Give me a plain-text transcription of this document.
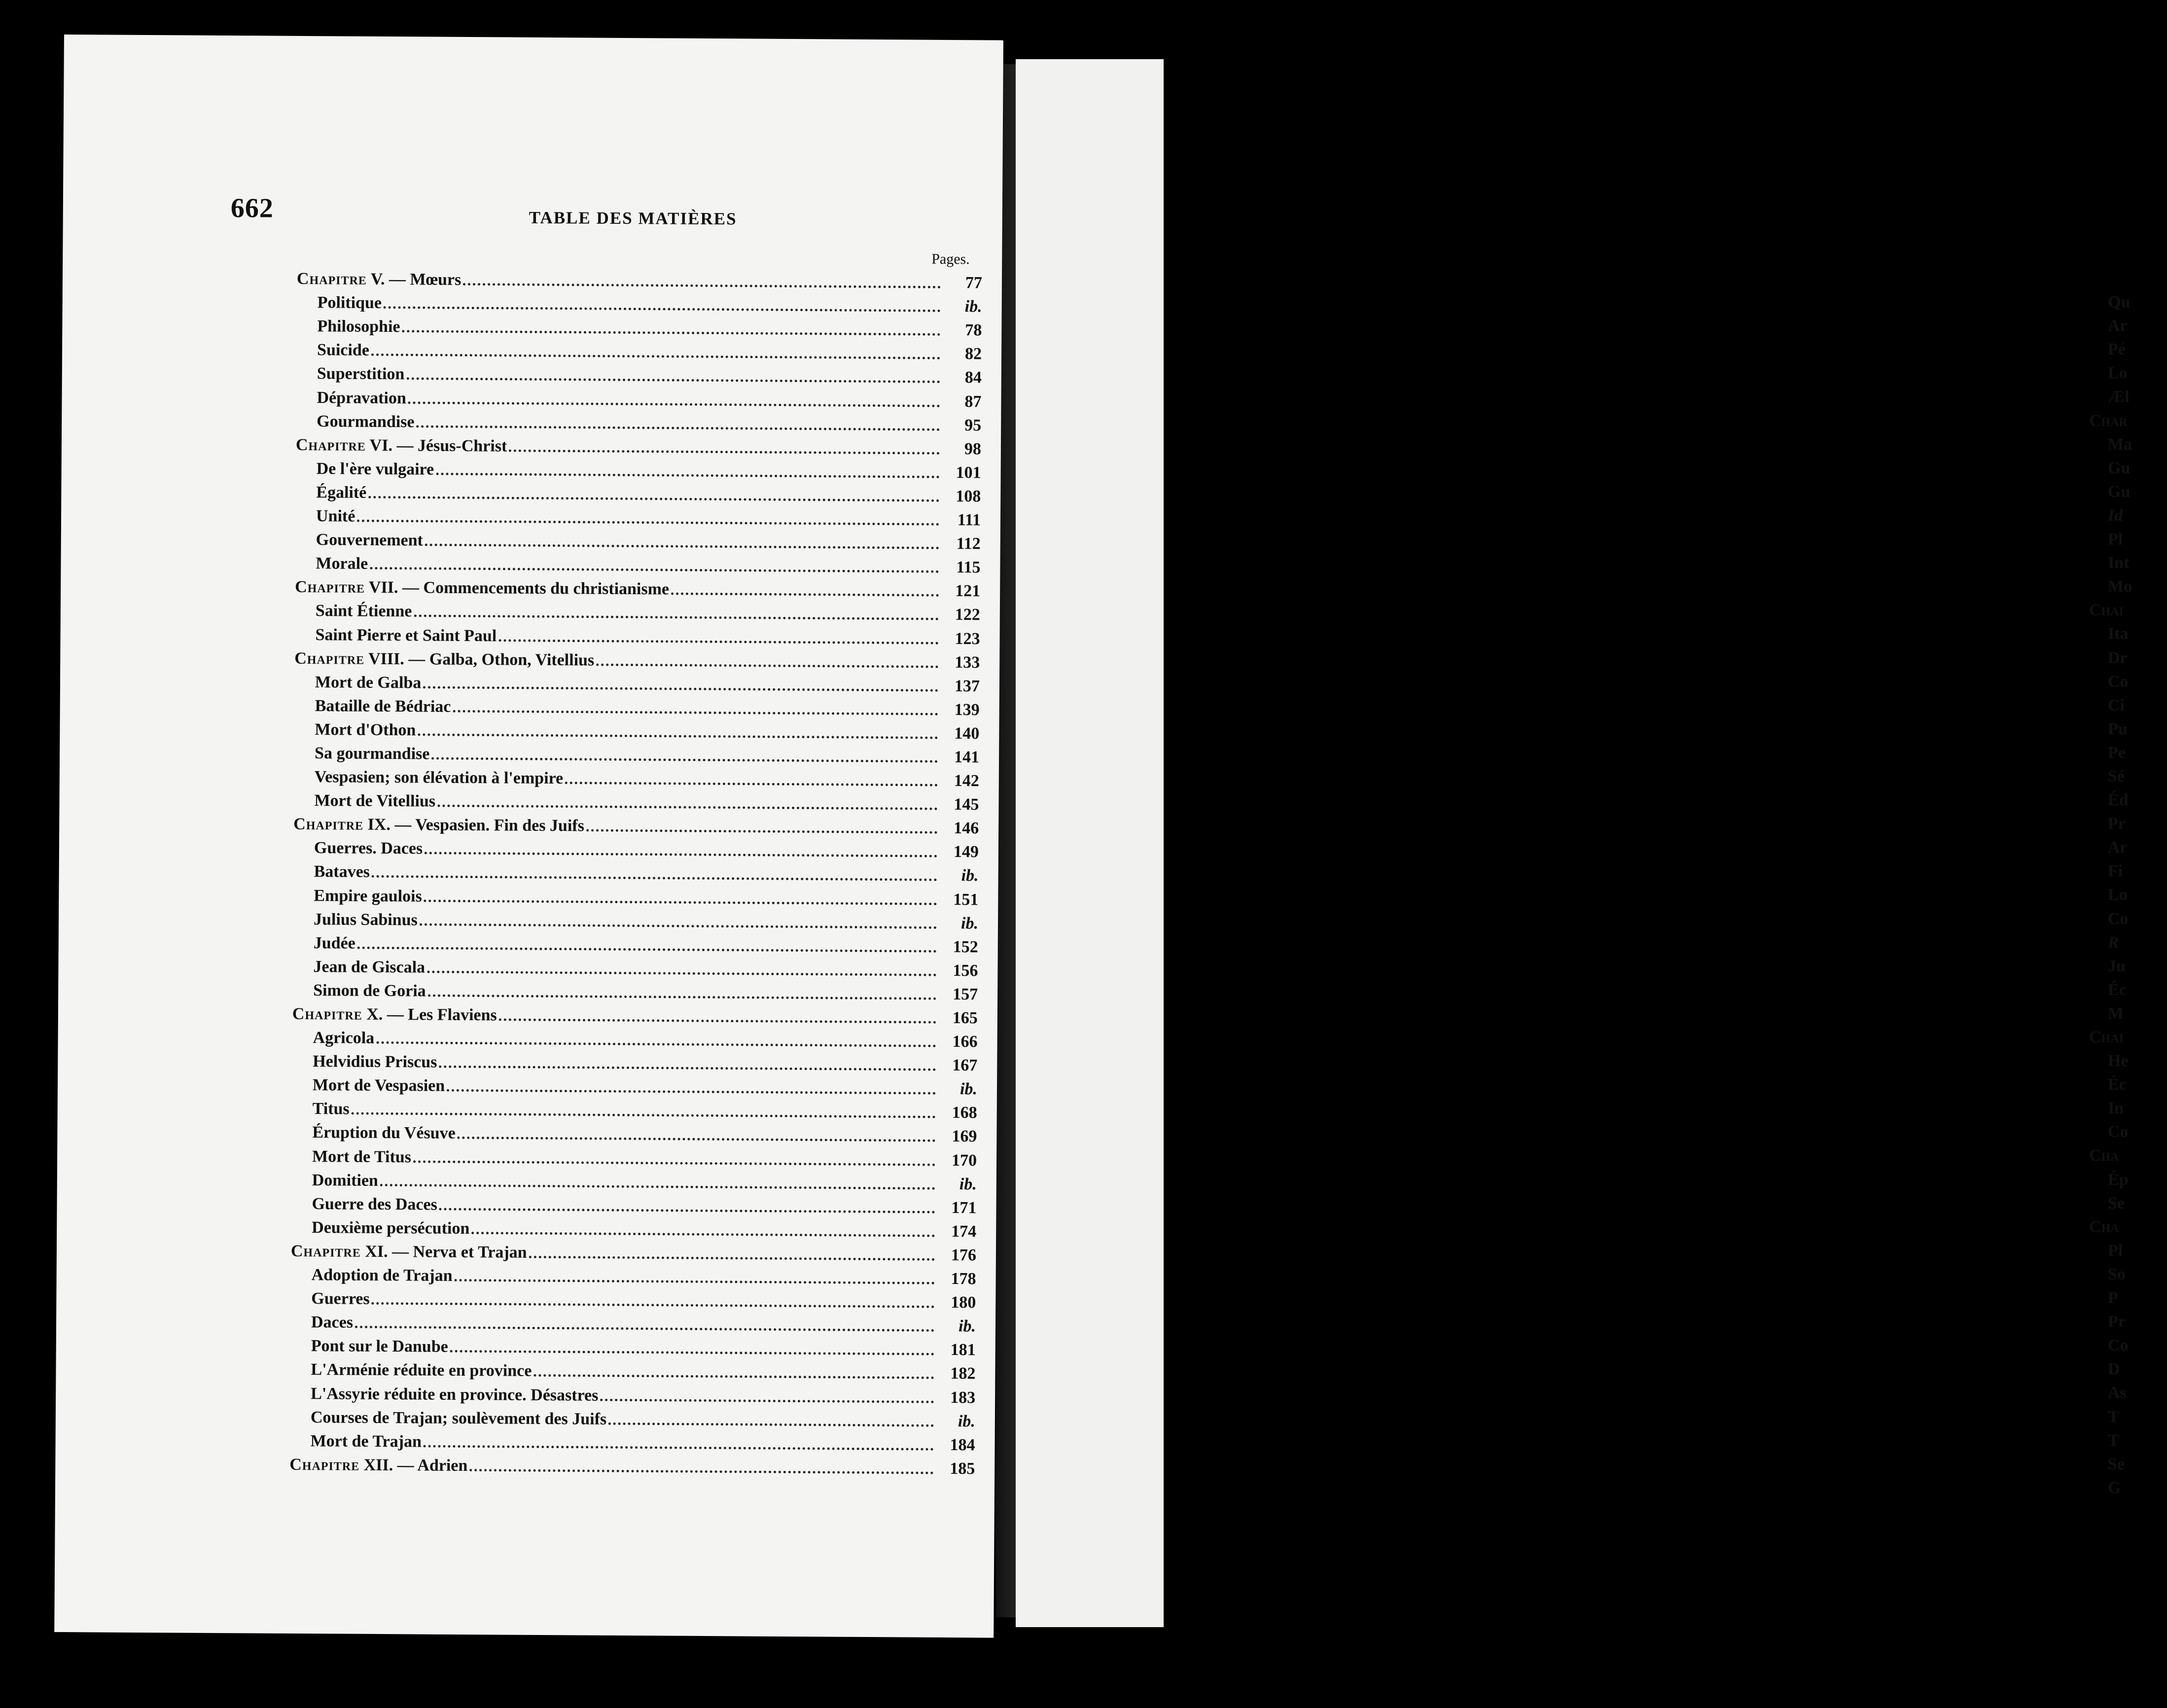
Qu
Ar
Pé
Lo
Æl
Char
Ma
Gu
Gu
Id
Pl
Int
Mo
Chai
Ita
Dr
Co
Ci
Pu
Pe
Sé
Éd
Pr
Ar
Fi
Lo
Co
R
Ju
Éc
M
Chai
He
Éc
In
Co
Cha
Ép
Se
Cha
Pl
So
P
Pr
Co
D
As
T
T
Se
G
662	TABLE DES MATIÈRES
Pages.
Chapitre V. — Mœurs	77
Politique	ib.
Philosophie	78
Suicide	82
Superstition	84
Dépravation	87
Gourmandise	95
Chapitre VI. — Jésus-Christ	98
De l'ère vulgaire	101
Égalité	108
Unité	111
Gouvernement	112
Morale	115
Chapitre VII. — Commencements du christianisme	121
Saint Étienne	122
Saint Pierre et Saint Paul	123
Chapitre VIII. — Galba, Othon, Vitellius	133
Mort de Galba	137
Bataille de Bédriac	139
Mort d'Othon	140
Sa gourmandise	141
Vespasien; son élévation à l'empire	142
Mort de Vitellius	145
Chapitre IX. — Vespasien. Fin des Juifs	146
Guerres. Daces	149
Bataves	ib.
Empire gaulois	151
Julius Sabinus	ib.
Judée	152
Jean de Giscala	156
Simon de Goria	157
Chapitre X. — Les Flaviens	165
Agricola	166
Helvidius Priscus	167
Mort de Vespasien	ib.
Titus	168
Éruption du Vésuve	169
Mort de Titus	170
Domitien	ib.
Guerre des Daces	171
Deuxième persécution	174
Chapitre XI. — Nerva et Trajan	176
Adoption de Trajan	178
Guerres	180
Daces	ib.
Pont sur le Danube	181
L'Arménie réduite en province	182
L'Assyrie réduite en province. Désastres	183
Courses de Trajan; soulèvement des Juifs	ib.
Mort de Trajan	184
Chapitre XII. — Adrien	185
